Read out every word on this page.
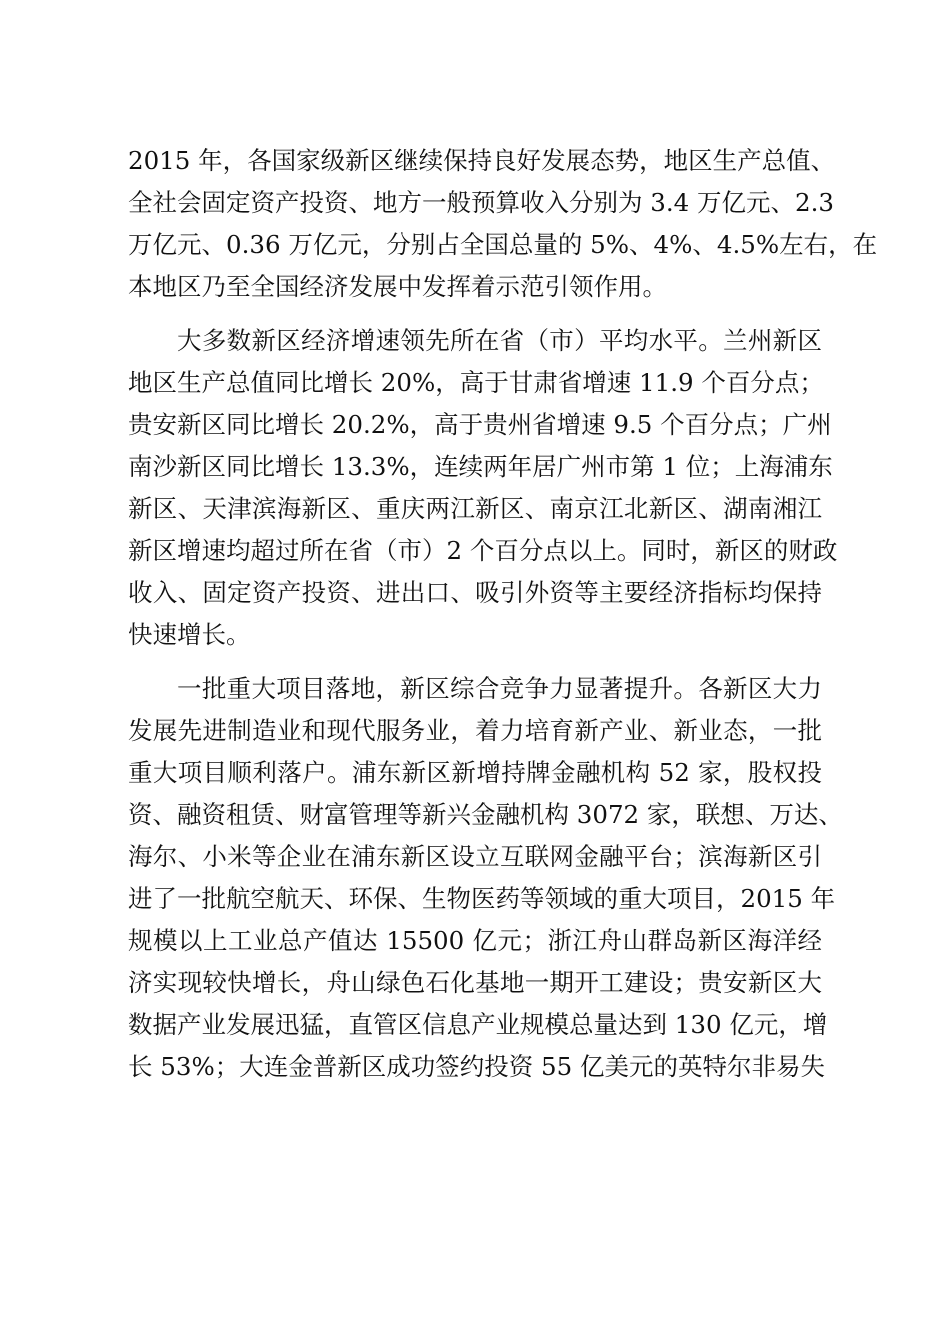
2015 年，各国家级新区继续保持良好发展态势，地区生产总值、
全社会固定资产投资、地方一般预算收入分别为 3.4 万亿元、2.3
万亿元、0.36 万亿元，分别占全国总量的 5%、4%、4.5%左右，在
本地区乃至全国经济发展中发挥着示范引领作用。
大多数新区经济增速领先所在省（市）平均水平。兰州新区
地区生产总值同比增长 20%，高于甘肃省增速 11.9 个百分点；
贵安新区同比增长 20.2%，高于贵州省增速 9.5 个百分点；广州
南沙新区同比增长 13.3%，连续两年居广州市第 1 位；上海浦东
新区、天津滨海新区、重庆两江新区、南京江北新区、湖南湘江
新区增速均超过所在省（市）2 个百分点以上。同时，新区的财政
收入、固定资产投资、进出口、吸引外资等主要经济指标均保持
快速增长。
一批重大项目落地，新区综合竞争力显著提升。各新区大力
发展先进制造业和现代服务业，着力培育新产业、新业态，一批
重大项目顺利落户。浦东新区新增持牌金融机构 52 家，股权投
资、融资租赁、财富管理等新兴金融机构 3072 家，联想、万达、
海尔、小米等企业在浦东新区设立互联网金融平台；滨海新区引
进了一批航空航天、环保、生物医药等领域的重大项目，2015 年
规模以上工业总产值达 15500 亿元；浙江舟山群岛新区海洋经
济实现较快增长，舟山绿色石化基地一期开工建设；贵安新区大
数据产业发展迅猛，直管区信息产业规模总量达到 130 亿元，增
长 53%；大连金普新区成功签约投资 55 亿美元的英特尔非易失
